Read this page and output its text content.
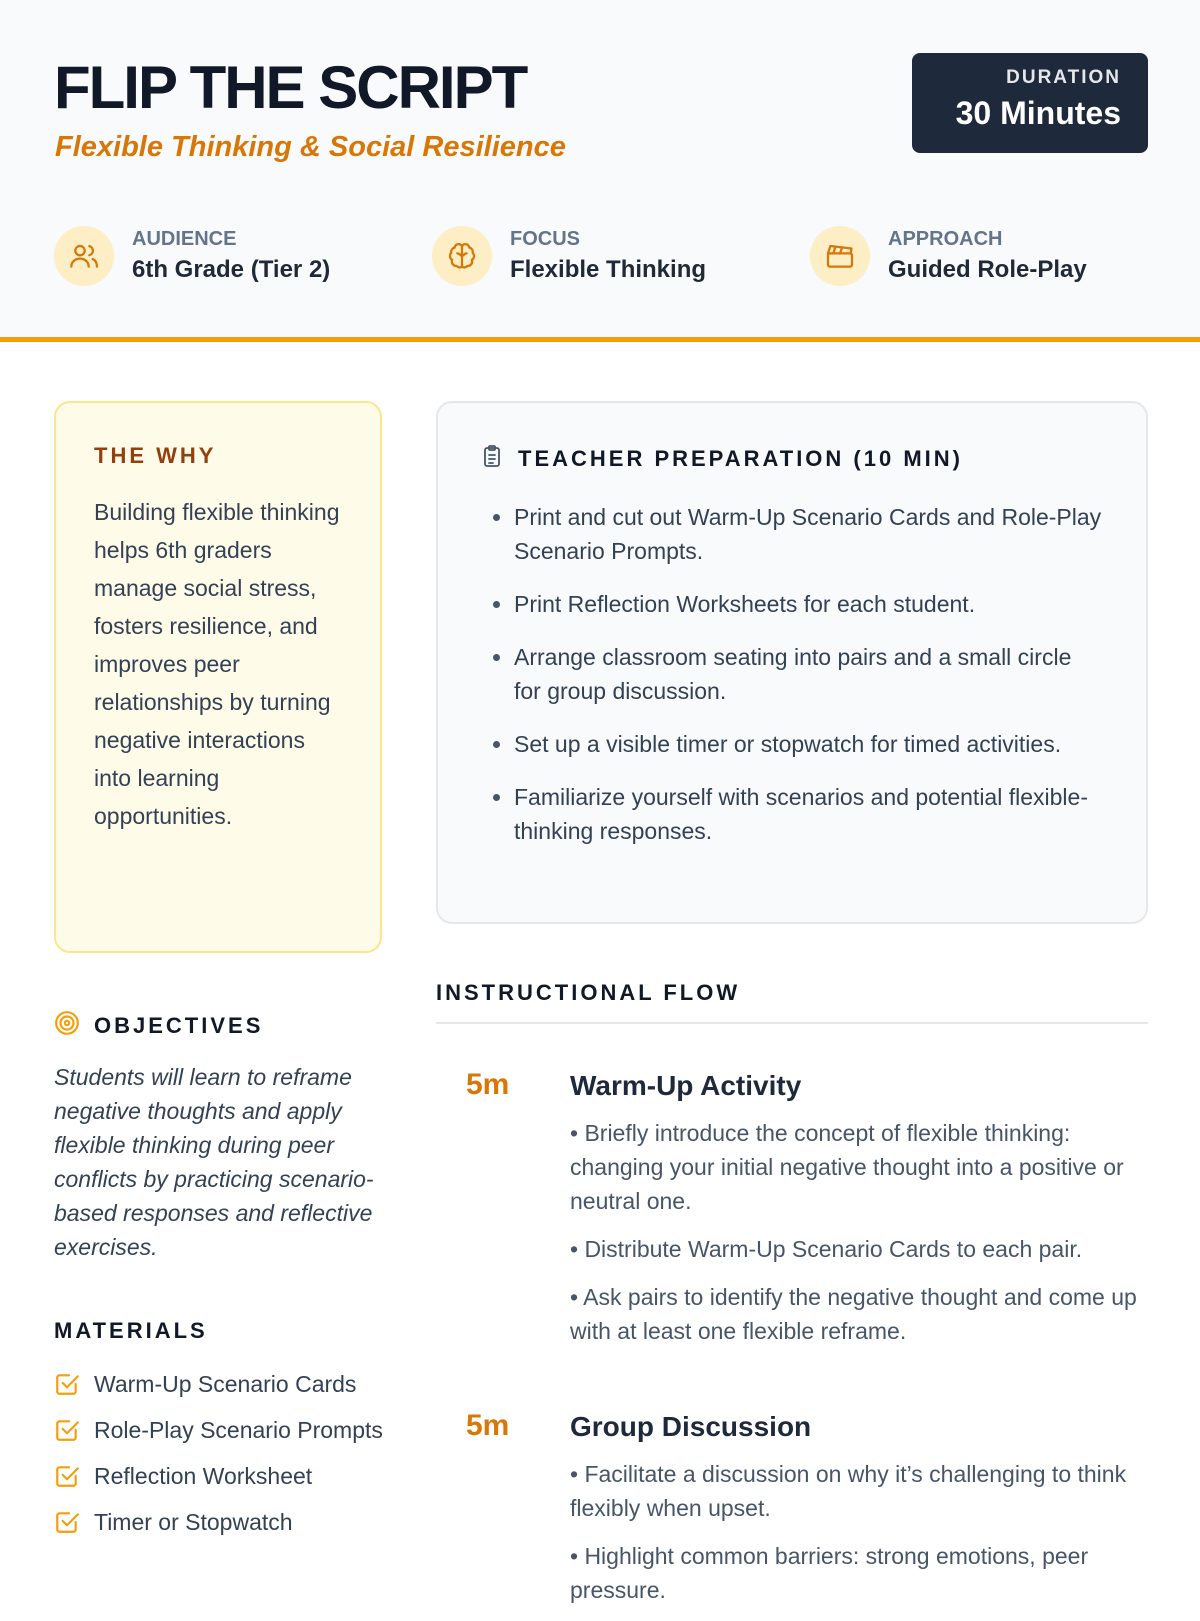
FLIP THE SCRIPT
Flexible Thinking & Social Resilience
DURATION
30 Minutes
AUDIENCE
6th Grade (Tier 2)
FOCUS
Flexible Thinking
APPROACH
Guided Role-Play
THE WHY

Building flexible thinking helps 6th graders manage social stress, fosters resilience, and improves peer relationships by turning negative interactions into learning opportunities.

OBJECTIVES

Students will learn to reframe negative thoughts and apply flexible thinking during peer conflicts by practicing scenario-based responses and reflective exercises.

MATERIALS
Warm-Up Scenario Cards
Role-Play Scenario Prompts
Reflection Worksheet
Timer or Stopwatch
TEACHER PREPARATION (10 MIN)
• Print and cut out Warm-Up Scenario Cards and Role-Play Scenario Prompts.
• Print Reflection Worksheets for each student.
• Arrange classroom seating into pairs and a small circle for group discussion.
• Set up a visible timer or stopwatch for timed activities.
• Familiarize yourself with scenarios and potential flexible-thinking responses.
INSTRUCTIONAL FLOW
5m Warm-Up Activity

• Briefly introduce the concept of flexible thinking: changing your initial negative thought into a positive or neutral one.

• Distribute Warm-Up Scenario Cards to each pair.

• Ask pairs to identify the negative thought and come up with at least one flexible reframe.

5m Group Discussion

• Facilitate a discussion on why it’s challenging to think flexibly when upset.

• Highlight common barriers: strong emotions, peer pressure.
